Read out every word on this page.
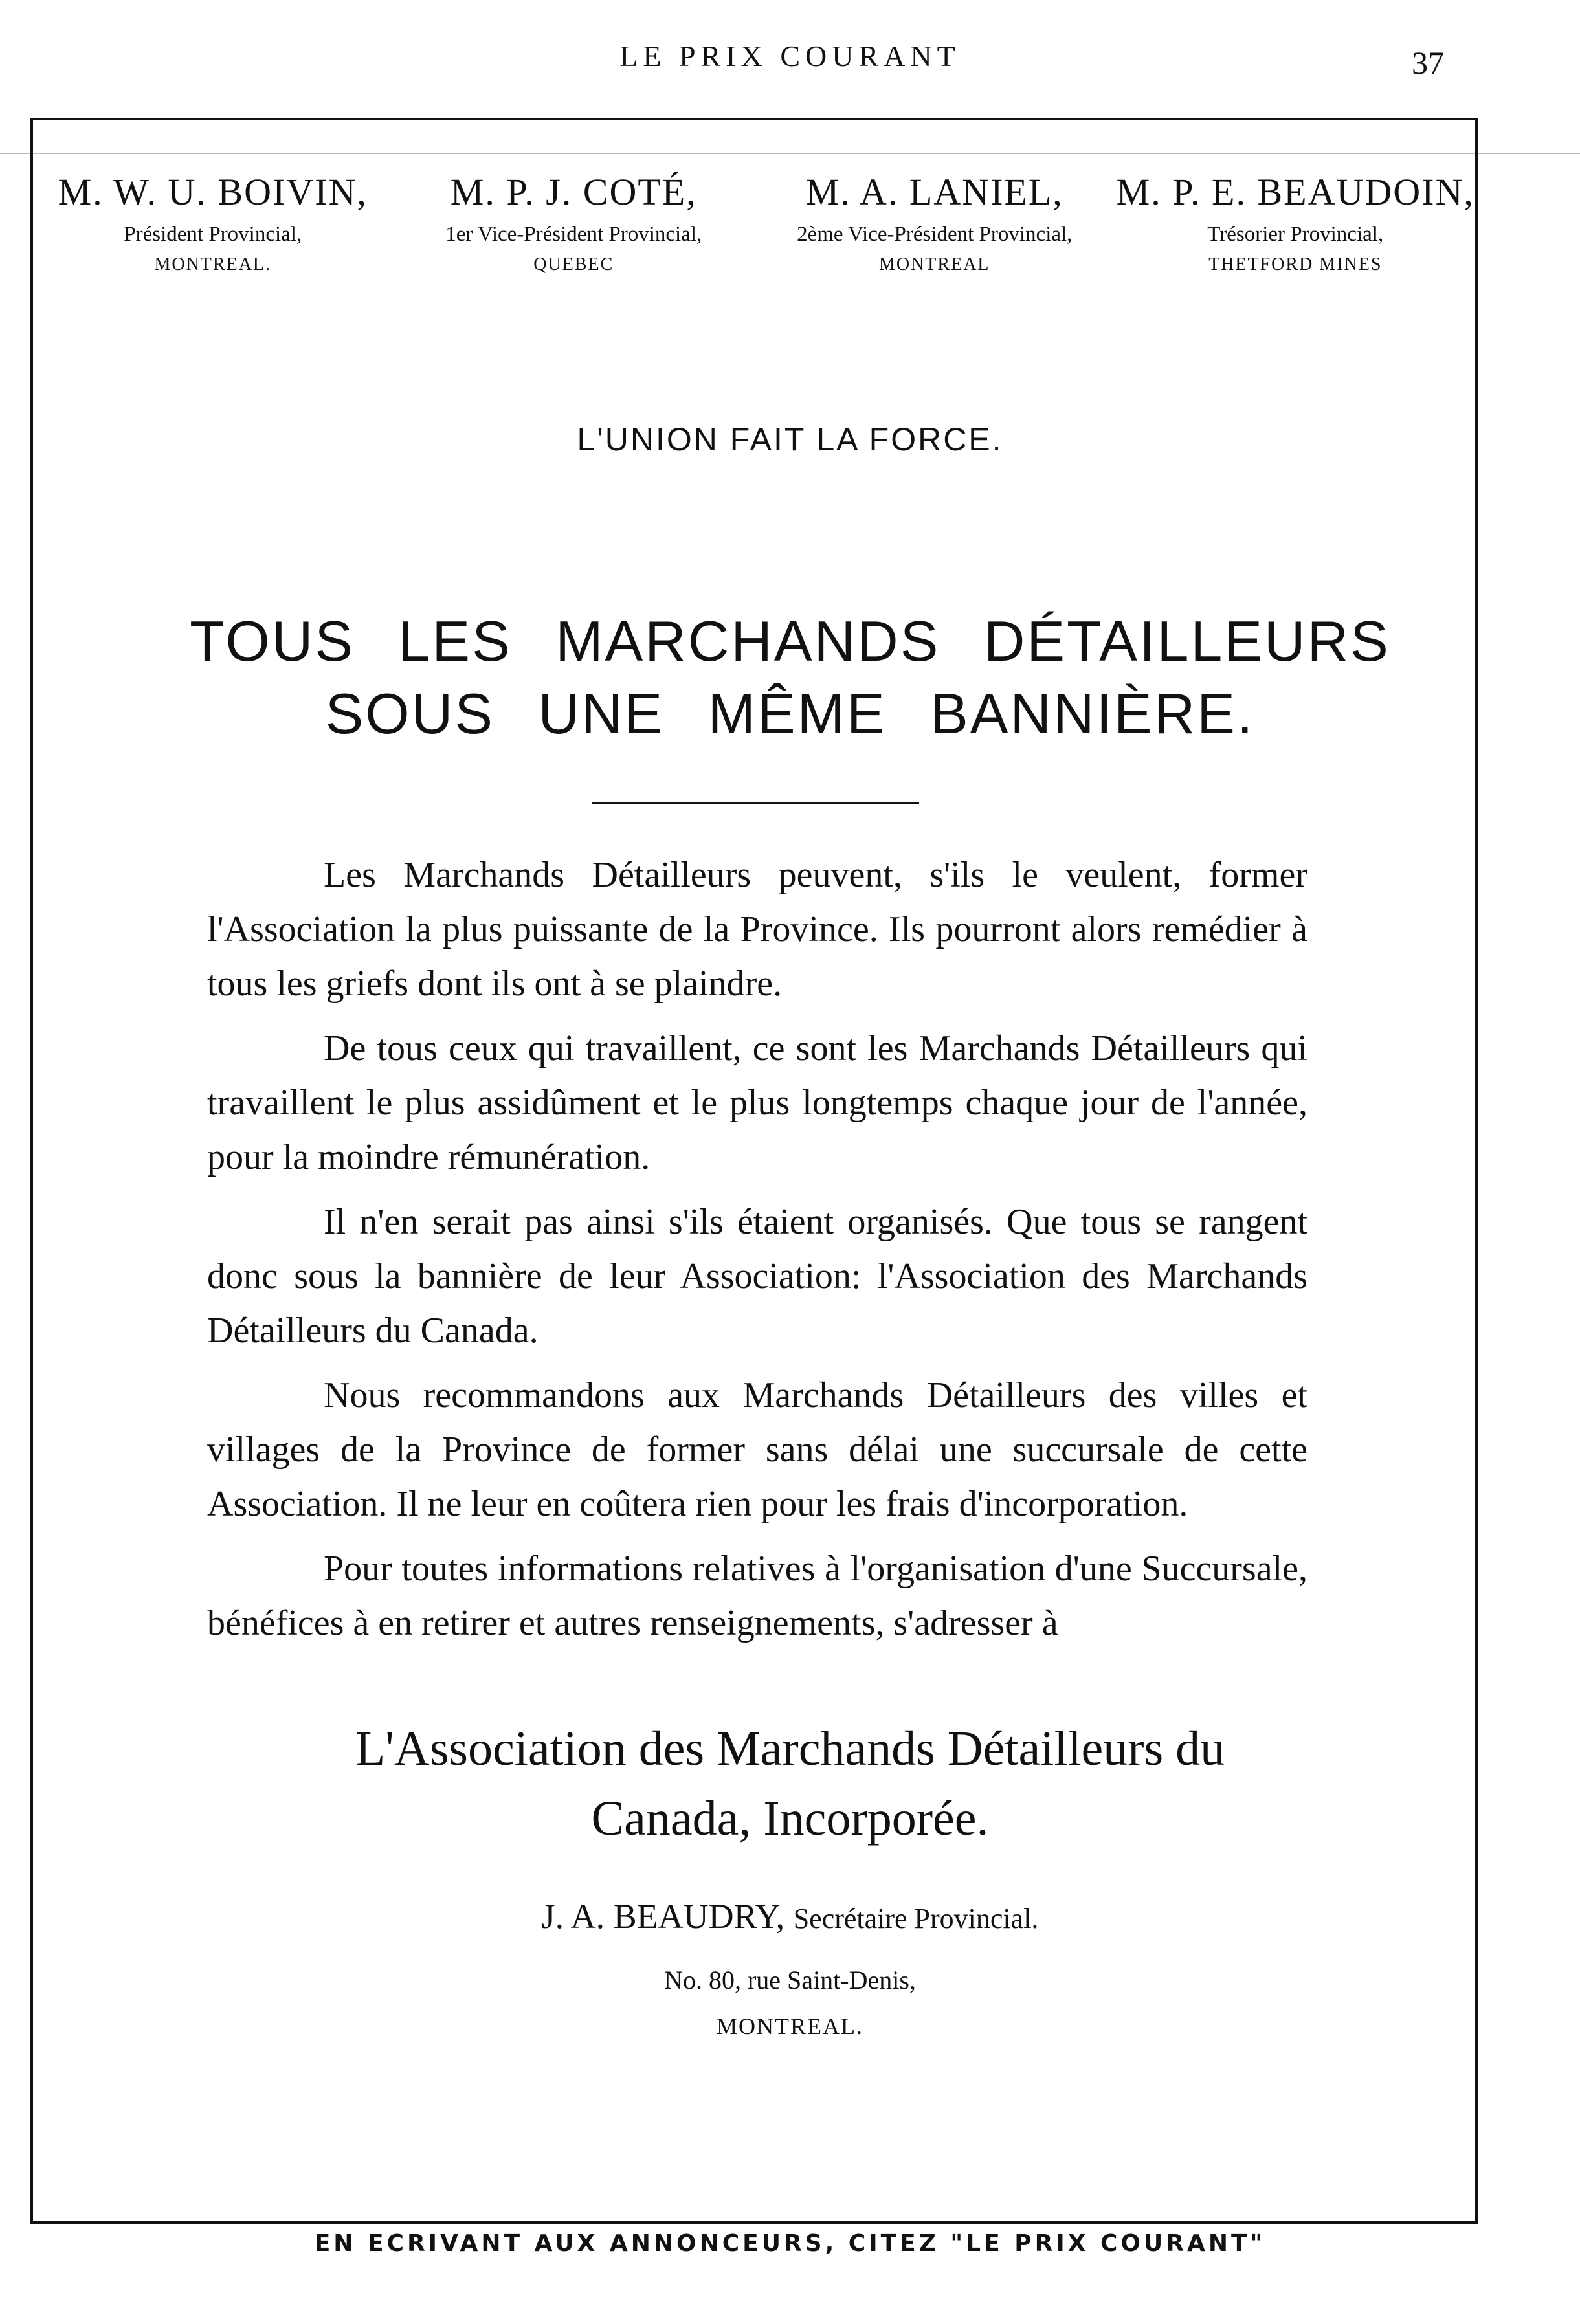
LE PRIX COURANT	37
M. W. U. BOIVIN,
Président Provincial,
MONTREAL.
M. P. J. COTÉ,
1er Vice-Président Provincial,
QUEBEC
M. A. LANIEL,
2ème Vice-Président Provincial,
MONTREAL
M. P. E. BEAUDOIN,
Trésorier Provincial,
THETFORD MINES
L'UNION FAIT LA FORCE.
TOUS LES MARCHANDS DÉTAILLEURS
SOUS UNE MÊME BANNIÈRE.

Les Marchands Détailleurs peuvent, s'ils le veulent, former l'Association la plus puissante de la Province. Ils pourront alors remédier à tous les griefs dont ils ont à se plaindre.

De tous ceux qui travaillent, ce sont les Marchands Détailleurs qui travaillent le plus assidûment et le plus longtemps chaque jour de l'année, pour la moindre rémunération.

Il n'en serait pas ainsi s'ils étaient organisés. Que tous se rangent donc sous la bannière de leur Association: l'Association des Marchands Détailleurs du Canada.

Nous recommandons aux Marchands Détailleurs des villes et villages de la Province de former sans délai une succursale de cette Association. Il ne leur en coûtera rien pour les frais d'incorporation.

Pour toutes informations relatives à l'organisation d'une Succursale, bénéfices à en retirer et autres renseignements, s'adresser à

L'Association des Marchands Détailleurs du
Canada, Incorporée.
J. A. BEAUDRY, Secrétaire Provincial.
No. 80, rue Saint-Denis,
MONTREAL.
EN ECRIVANT AUX ANNONCEURS, CITEZ "LE PRIX COURANT"
